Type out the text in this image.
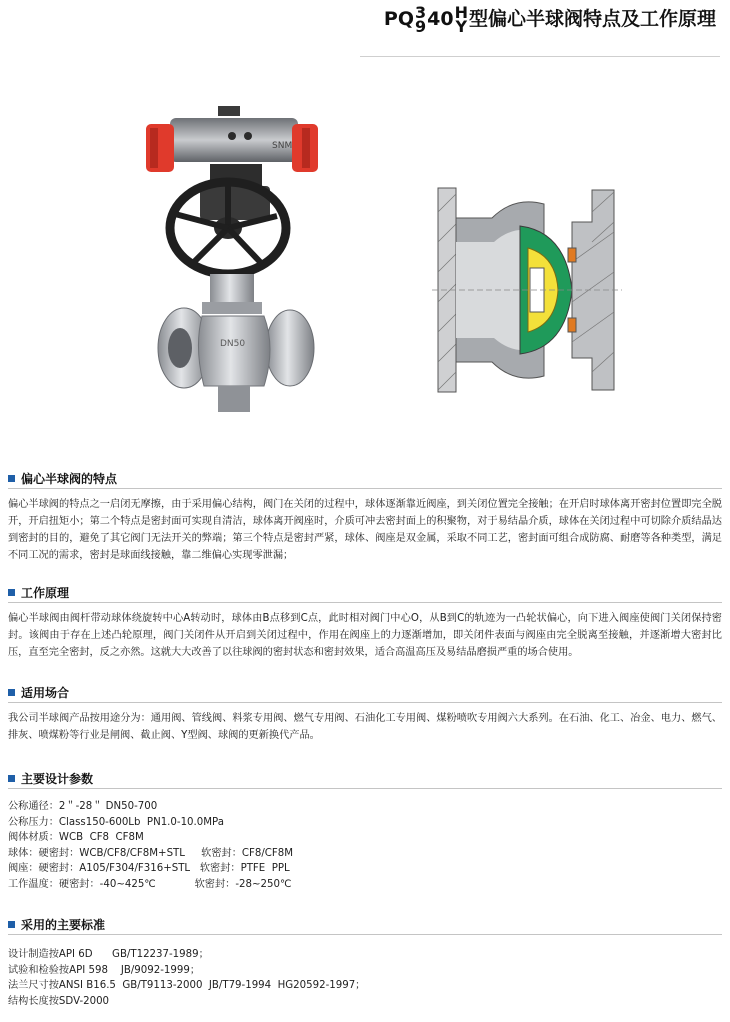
PQ 3
9 40 H
Y 型偏心半球阀特点及工作原理
SNM
DN50
偏心半球阀的特点
偏心半球阀的特点之一启闭无摩擦，由于采用偏心结构，阀门在关闭的过程中，球体逐渐靠近阀座，到关闭位置完全接触；在开启时球体离开密封位置即完全脱开，开启扭矩小；第二个特点是密封面可实现自清洁，球体离开阀座时，介质可冲去密封面上的积聚物，对于易结晶介质，球体在关闭过程中可切除介质结晶达到密封的目的，避免了其它阀门无法开关的弊端；第三个特点是密封严紧，球体、阀座是双金属，采取不同工艺，密封面可组合成防腐、耐磨等各种类型，满足不同工况的需求，密封是球面线接触，靠二维偏心实现零泄漏；
工作原理
偏心半球阀由阀杆带动球体绕旋转中心A转动时，球体由B点移到C点，此时相对阀门中心O，从B到C的轨迹为一凸轮状偏心，向下进入阀座使阀门关闭保持密封。该阀由于存在上述凸轮原理，阀门关闭件从开启到关闭过程中，作用在阀座上的力逐渐增加，即关闭件表面与阀座由完全脱离至接触，并逐渐增大密封比压，直至完全密封，反之亦然。这就大大改善了以往球阀的密封状态和密封效果，适合高温高压及易结晶磨损严重的场合使用。
适用场合
我公司半球阀产品按用途分为：通用阀、管线阀、料浆专用阀、燃气专用阀、石油化工专用阀、煤粉喷吹专用阀六大系列。在石油、化工、冶金、电力、燃气、排灰、喷煤粉等行业是闸阀、截止阀、Y型阀、球阀的更新换代产品。
主要设计参数
公称通径：2＂-28＂ DN50-700
公称压力：Class150-600Lb  PN1.0-10.0MPa
阀体材质：WCB  CF8  CF8M
球体：硬密封：WCB/CF8/CF8M+STL     软密封：CF8/CF8M
阀座：硬密封：A105/F304/F316+STL   软密封：PTFE  PPL
工作温度：硬密封：-40~425℃            软密封：-28~250℃
采用的主要标准
设计制造按API 6D      GB/T12237-1989；
试验和检验按API 598    JB/9092-1999；
法兰尺寸按ANSI B16.5  GB/T9113-2000  JB/T79-1994  HG20592-1997；
结构长度按SDV-2000
